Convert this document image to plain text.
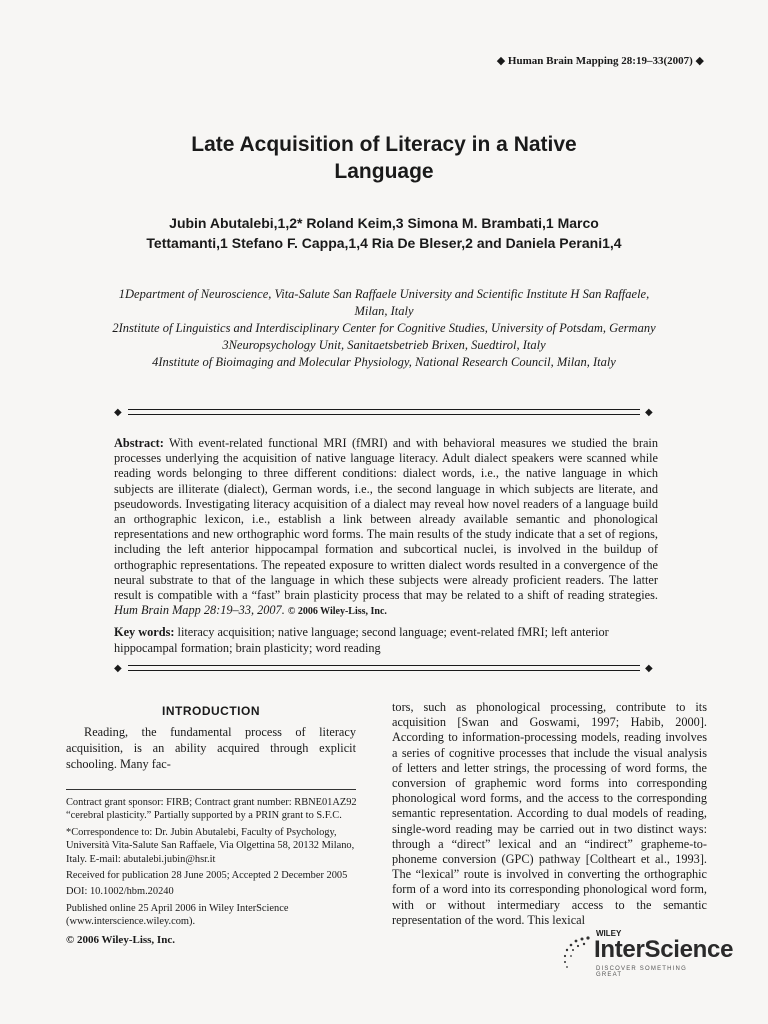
◆ Human Brain Mapping 28:19–33(2007) ◆
Late Acquisition of Literacy in a Native Language
Jubin Abutalebi,1,2* Roland Keim,3 Simona M. Brambati,1 Marco Tettamanti,1 Stefano F. Cappa,1,4 Ria De Bleser,2 and Daniela Perani1,4
1Department of Neuroscience, Vita-Salute San Raffaele University and Scientific Institute H San Raffaele, Milan, Italy
2Institute of Linguistics and Interdisciplinary Center for Cognitive Studies, University of Potsdam, Germany
3Neuropsychology Unit, Sanitaetsbetrieb Brixen, Suedtirol, Italy
4Institute of Bioimaging and Molecular Physiology, National Research Council, Milan, Italy
◆	◆
Abstract: With event-related functional MRI (fMRI) and with behavioral measures we studied the brain processes underlying the acquisition of native language literacy. Adult dialect speakers were scanned while reading words belonging to three different conditions: dialect words, i.e., the native language in which subjects are illiterate (dialect), German words, i.e., the second language in which subjects are literate, and pseudowords. Investigating literacy acquisition of a dialect may reveal how novel readers of a language build an orthographic lexicon, i.e., establish a link between already available semantic and phonological representations and new orthographic word forms. The main results of the study indicate that a set of regions, including the left anterior hippocampal formation and subcortical nuclei, is involved in the buildup of orthographic representations. The repeated exposure to written dialect words resulted in a convergence of the neural substrate to that of the language in which these subjects were already proficient readers. The latter result is compatible with a “fast” brain plasticity process that may be related to a shift of reading strategies. Hum Brain Mapp 28:19–33, 2007. © 2006 Wiley-Liss, Inc.
Key words: literacy acquisition; native language; second language; event-related fMRI; left anterior hippocampal formation; brain plasticity; word reading
◆	◆
INTRODUCTION
Reading, the fundamental process of literacy acquisition, is an ability acquired through explicit schooling. Many fac-

Contract grant sponsor: FIRB; Contract grant number: RBNE01AZ92 “cerebral plasticity.” Partially supported by a PRIN grant to S.F.C.

*Correspondence to: Dr. Jubin Abutalebi, Faculty of Psychology, Università Vita-Salute San Raffaele, Via Olgettina 58, 20132 Milano, Italy. E-mail: abutalebi.jubin@hsr.it

Received for publication 28 June 2005; Accepted 2 December 2005

DOI: 10.1002/hbm.20240

Published online 25 April 2006 in Wiley InterScience (www.interscience.wiley.com).

tors, such as phonological processing, contribute to its acquisition [Swan and Goswami, 1997; Habib, 2000]. According to information-processing models, reading involves a series of cognitive processes that include the visual analysis of letters and letter strings, the processing of word forms, the conversion of graphemic word forms into corresponding phonological word forms, and the access to the corresponding semantic representation. According to dual models of reading, single-word reading may be carried out in two distinct ways: through a “direct” lexical and an “indirect” grapheme-to-phoneme conversion (GPC) pathway [Coltheart et al., 1993]. The “lexical” route is involved in converting the orthographic form of a word into its corresponding phonological word form, with or without intermediary access to the semantic representation of the word. This lexical
© 2006 Wiley-Liss, Inc.
WILEY
InterScience
DISCOVER SOMETHING GREAT
